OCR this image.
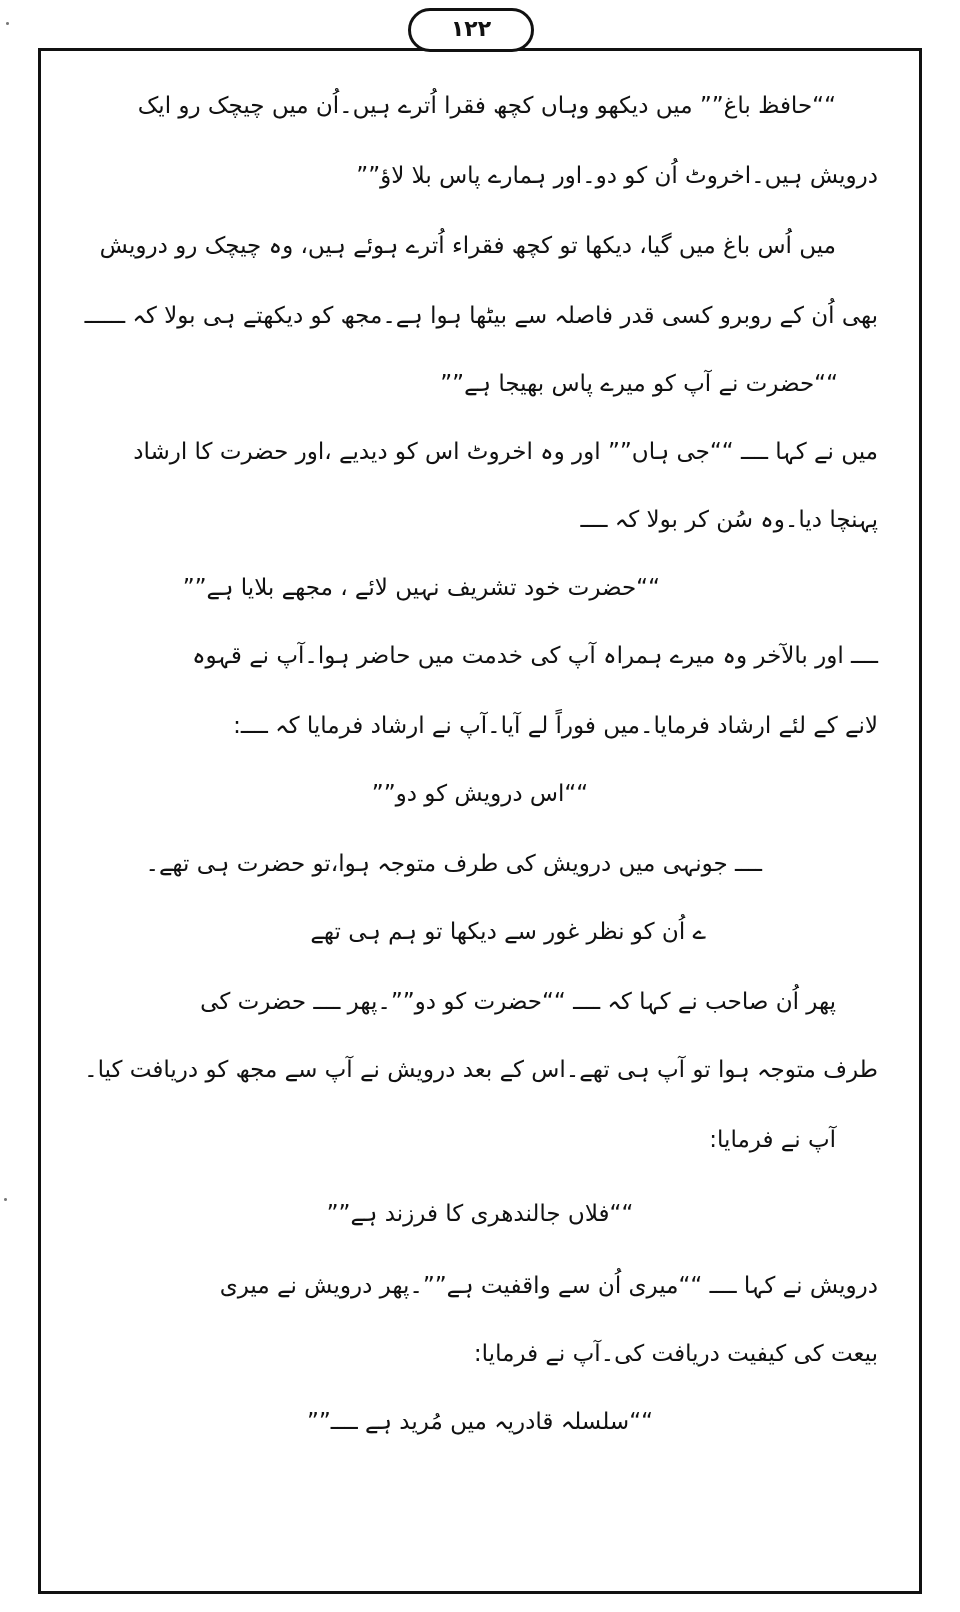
۱۲۲
““حافظ باغ”” میں دیکھو وہاں کچھ فقرا اُترے ہیں۔اُن میں چیچک رو ایک
درویش ہیں۔اخروٹ اُن کو دو۔اور ہمارے پاس بلا لاؤ””
میں اُس باغ میں گیا، دیکھا تو کچھ فقراء اُترے ہوئے ہیں، وہ چیچک رو درویش
بھی اُن کے روبرو کسی قدر فاصلہ سے بیٹھا ہوا ہے۔مجھ کو دیکھتے ہی بولا کہ ــــــ
““حضرت نے آپ کو میرے پاس بھیجا ہے””
میں نے کہا ــــ ““جی ہاں”” اور وہ اخروٹ اس کو دیدیے ،اور حضرت کا ارشاد
پہنچا دیا۔وہ سُن کر بولا کہ ــــ
““حضرت خود تشریف نہیں لائے ، مجھے بلایا ہے””
ــــ اور بالآخر وہ میرے ہمراہ آپ کی خدمت میں حاضر ہوا۔آپ نے قہوہ
لانے کے لئے ارشاد فرمایا۔میں فوراً لے آیا۔آپ نے ارشاد فرمایا کہ ــــ:
““اس درویش کو دو””
ــــ جونہی میں درویش کی طرف متوجہ ہوا،تو حضرت ہی تھے۔
ے اُن کو نظر غور سے دیکھا تو ہم ہی تھے
پھر اُن صاحب نے کہا کہ ــــ ““حضرت کو دو””۔پھر ــــ حضرت کی
طرف متوجہ ہوا تو آپ ہی تھے۔اس کے بعد درویش نے آپ سے مجھ کو دریافت کیا۔
آپ نے فرمایا:
““فلاں جالندھری کا فرزند ہے””
درویش نے کہا ــــ ““میری اُن سے واقفیت ہے””۔پھر درویش نے میری
بیعت کی کیفیت دریافت کی۔آپ نے فرمایا:
““سلسلہ قادریہ میں مُرید ہے ــــ””
